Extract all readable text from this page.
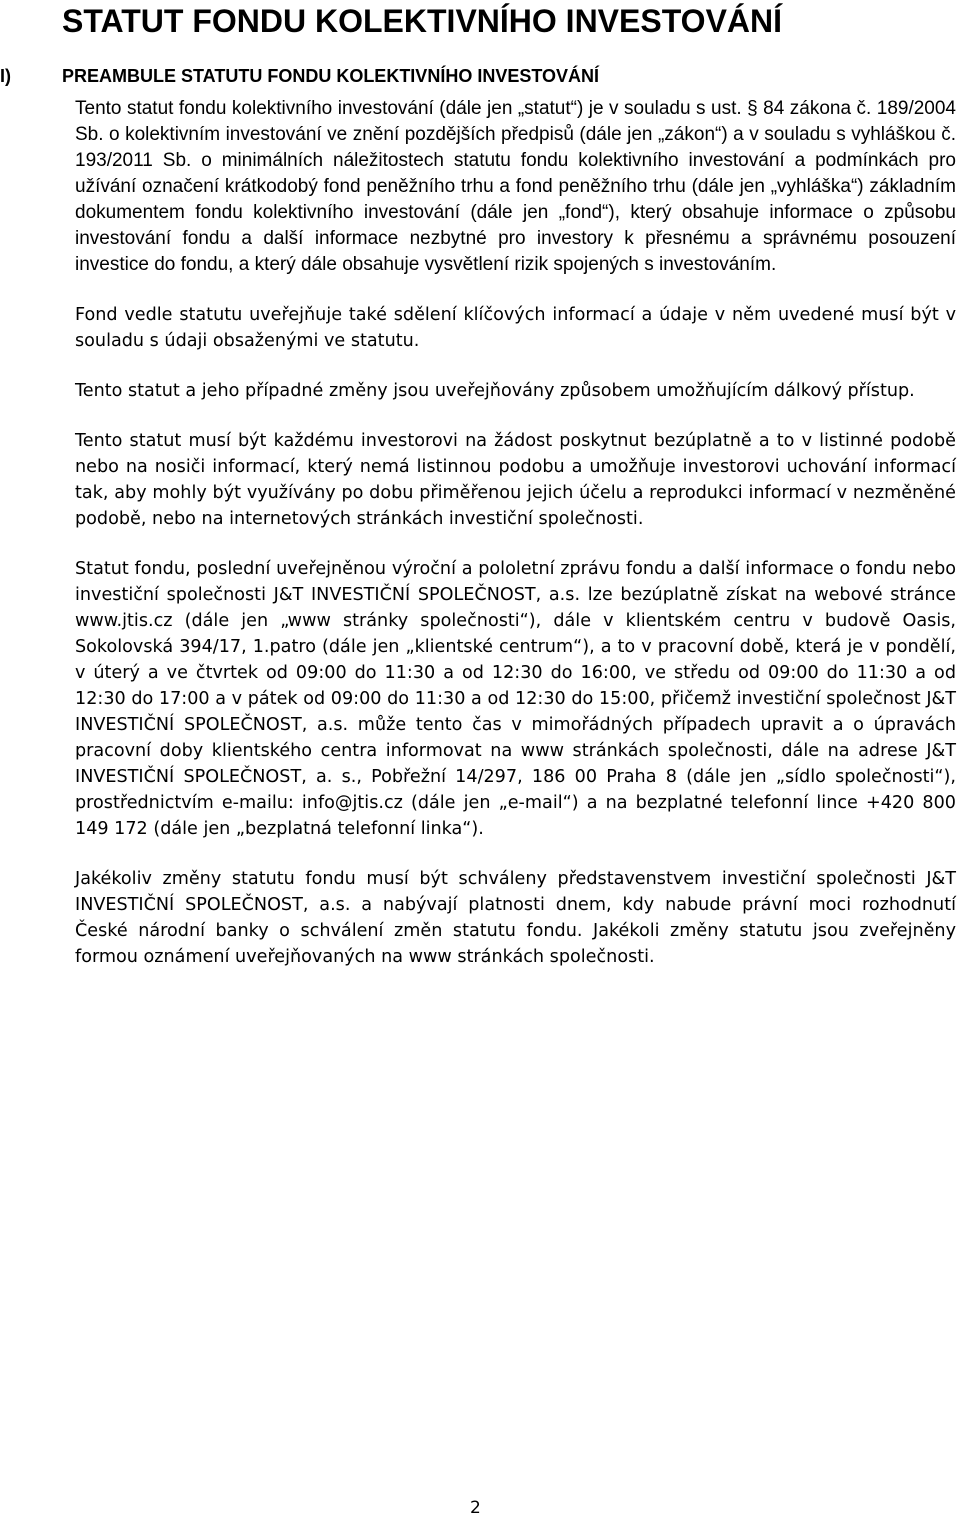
STATUT FONDU KOLEKTIVNÍHO INVESTOVÁNÍ
I)	PREAMBULE STATUTU FONDU KOLEKTIVNÍHO INVESTOVÁNÍ

Tento statut fondu kolektivního investování (dále jen „statut“) je v souladu s ust. § 84 zákona č. 189/2004 Sb. o kolektivním investování ve znění pozdějších předpisů (dále jen „zákon“) a v souladu s vyhláškou č. 193/2011 Sb. o minimálních náležitostech statutu fondu kolektivního investování a podmínkách pro užívání označení krátkodobý fond peněžního trhu a fond peněžního trhu (dále jen „vyhláška“) základním dokumentem fondu kolektivního investování (dále jen „fond“), který obsahuje informace o způsobu investování fondu a další informace nezbytné pro investory k přesnému a správnému posouzení investice do fondu, a který dále obsahuje vysvětlení rizik spojených s investováním.

Fond vedle statutu uveřejňuje také sdělení klíčových informací a údaje v něm uvedené musí být v souladu s údaji obsaženými ve statutu.

Tento statut a jeho případné změny jsou uveřejňovány způsobem umožňujícím dálkový přístup.

Tento statut musí být každému investorovi na žádost poskytnut bezúplatně a to v listinné podobě nebo na nosiči informací, který nemá listinnou podobu a umožňuje investorovi uchování informací tak, aby mohly být využívány po dobu přiměřenou jejich účelu a reprodukci informací v nezměněné podobě, nebo na internetových stránkách investiční společnosti.

Statut fondu, poslední uveřejněnou výroční a pololetní zprávu fondu a další informace o fondu nebo investiční společnosti J&T INVESTIČNÍ SPOLEČNOST, a.s. lze bezúplatně získat na webové stránce www.jtis.cz (dále jen „www stránky společnosti“), dále v klientském centru v budově Oasis, Sokolovská 394/17, 1.patro (dále jen „klientské centrum“), a to v pracovní době, která je v pondělí, v úterý a ve čtvrtek od 09:00 do 11:30 a od 12:30 do 16:00, ve středu od 09:00 do 11:30 a od 12:30 do 17:00 a v pátek od 09:00 do 11:30 a od 12:30 do 15:00, přičemž investiční společnost J&T INVESTIČNÍ SPOLEČNOST, a.s. může tento čas v mimořádných případech upravit a o úpravách pracovní doby klientského centra informovat na www stránkách společnosti, dále na adrese J&T INVESTIČNÍ SPOLEČNOST, a. s., Pobřežní 14/297, 186 00 Praha 8 (dále jen „sídlo společnosti“), prostřednictvím e-mailu: info@jtis.cz (dále jen „e-mail“) a na bezplatné telefonní lince +420 800 149 172 (dále jen „bezplatná telefonní linka“).

Jakékoliv změny statutu fondu musí být schváleny představenstvem investiční společnosti J&T INVESTIČNÍ SPOLEČNOST, a.s. a nabývají platnosti dnem, kdy nabude právní moci rozhodnutí České národní banky o schválení změn statutu fondu. Jakékoli změny statutu jsou zveřejněny formou oznámení uveřejňovaných na www stránkách společnosti.

2
